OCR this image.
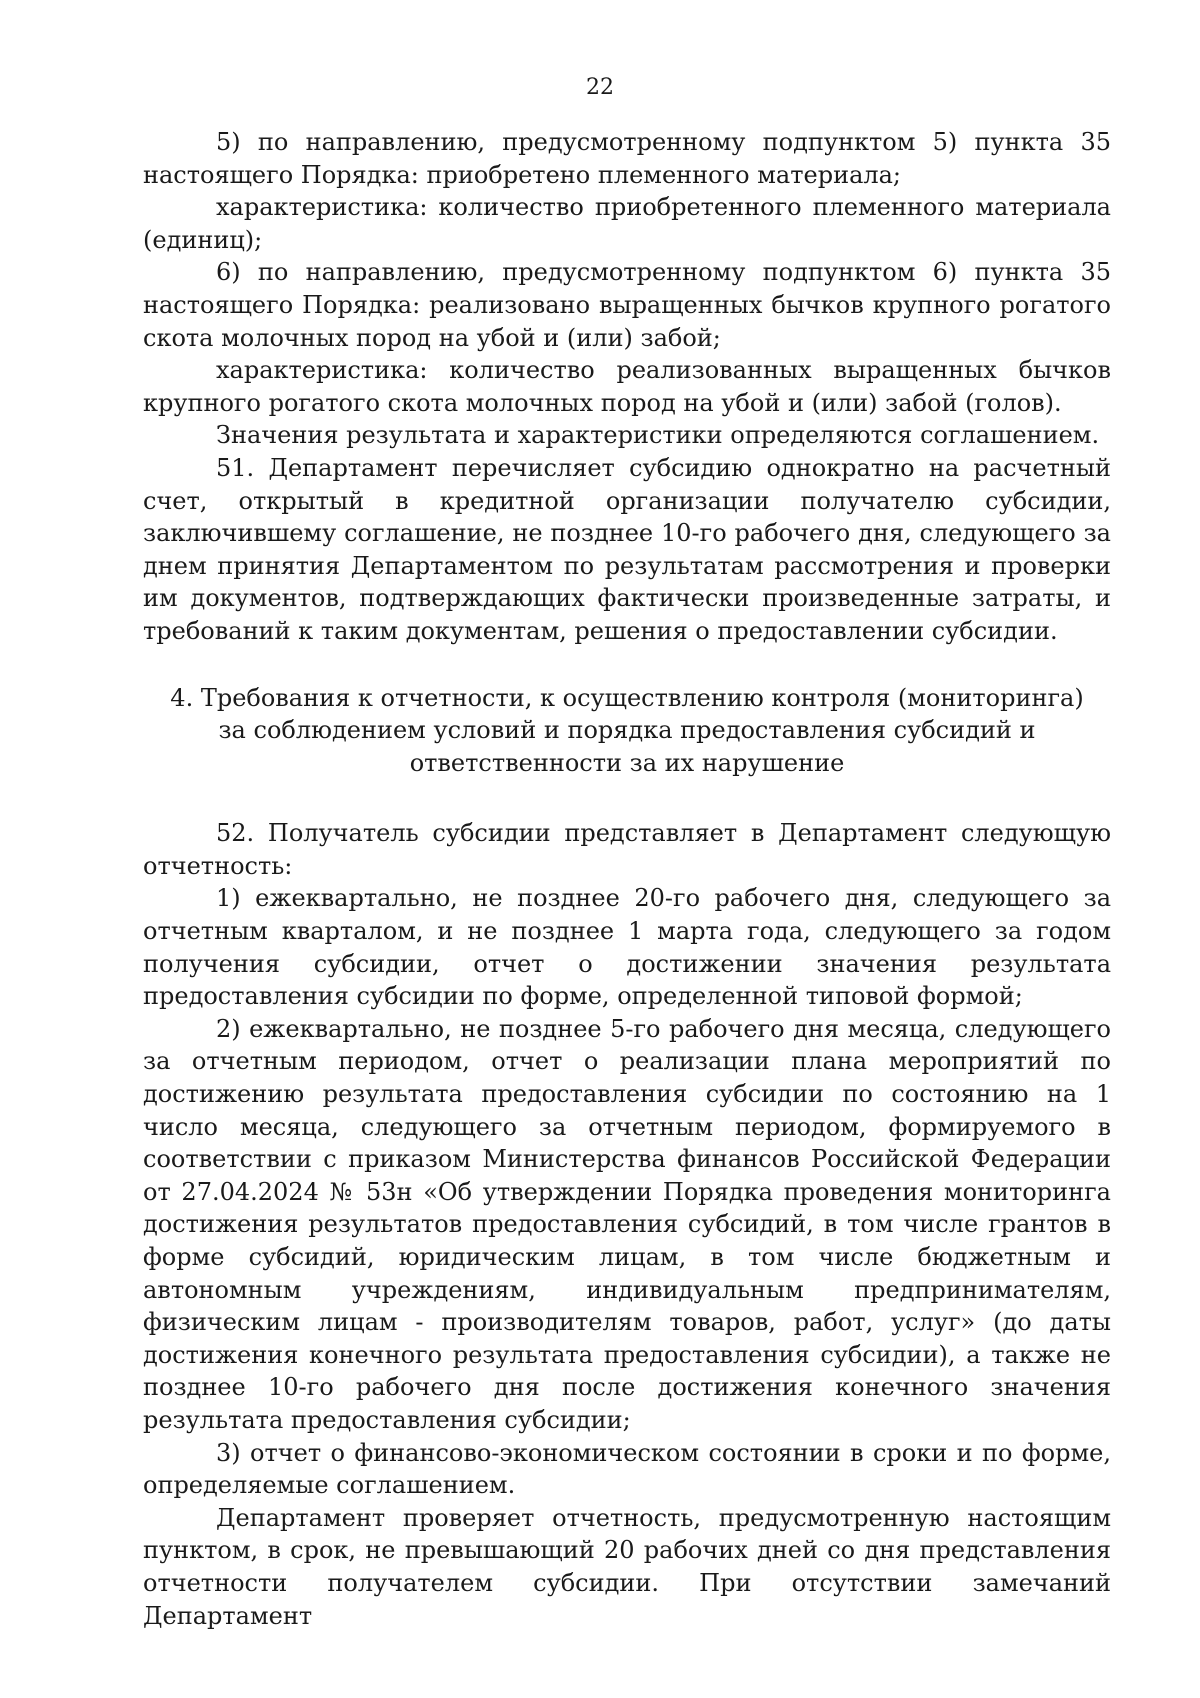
22

5) по направлению, предусмотренному подпунктом 5) пункта 35 настоящего Порядка: приобретено племенного материала;

характеристика: количество приобретенного племенного материала (единиц);

6) по направлению, предусмотренному подпунктом 6) пункта 35 настоящего Порядка: реализовано выращенных бычков крупного рогатого скота молочных пород на убой и (или) забой;

характеристика: количество реализованных выращенных бычков крупного рогатого скота молочных пород на убой и (или) забой (голов).

Значения результата и характеристики определяются соглашением.

51. Департамент перечисляет субсидию однократно на расчетный счет, открытый в кредитной организации получателю субсидии, заключившему соглашение, не позднее 10-го рабочего дня, следующего за днем принятия Департаментом по результатам рассмотрения и проверки им документов, подтверждающих фактически произведенные затраты, и требований к таким документам, решения о предоставлении субсидии.

4. Требования к отчетности, к осуществлению контроля (мониторинга) за соблюдением условий и порядка предоставления субсидий и ответственности за их нарушение

52. Получатель субсидии представляет в Департамент следующую отчетность:

1) ежеквартально, не позднее 20-го рабочего дня, следующего за отчетным кварталом, и не позднее 1 марта года, следующего за годом получения субсидии, отчет о достижении значения результата предоставления субсидии по форме, определенной типовой формой;

2) ежеквартально, не позднее 5-го рабочего дня месяца, следующего за отчетным периодом, отчет о реализации плана мероприятий по достижению результата предоставления субсидии по состоянию на 1 число месяца, следующего за отчетным периодом, формируемого в соответствии с приказом Министерства финансов Российской Федерации от 27.04.2024 № 53н «Об утверждении Порядка проведения мониторинга достижения результатов предоставления субсидий, в том числе грантов в форме субсидий, юридическим лицам, в том числе бюджетным и автономным учреждениям, индивидуальным предпринимателям, физическим лицам - производителям товаров, работ, услуг» (до даты достижения конечного результата предоставления субсидии), а также не позднее 10-го рабочего дня после достижения конечного значения результата предоставления субсидии;

3) отчет о финансово-экономическом состоянии в сроки и по форме, определяемые соглашением.

Департамент проверяет отчетность, предусмотренную настоящим пунктом, в срок, не превышающий 20 рабочих дней со дня представления отчетности получателем субсидии. При отсутствии замечаний Департамент
